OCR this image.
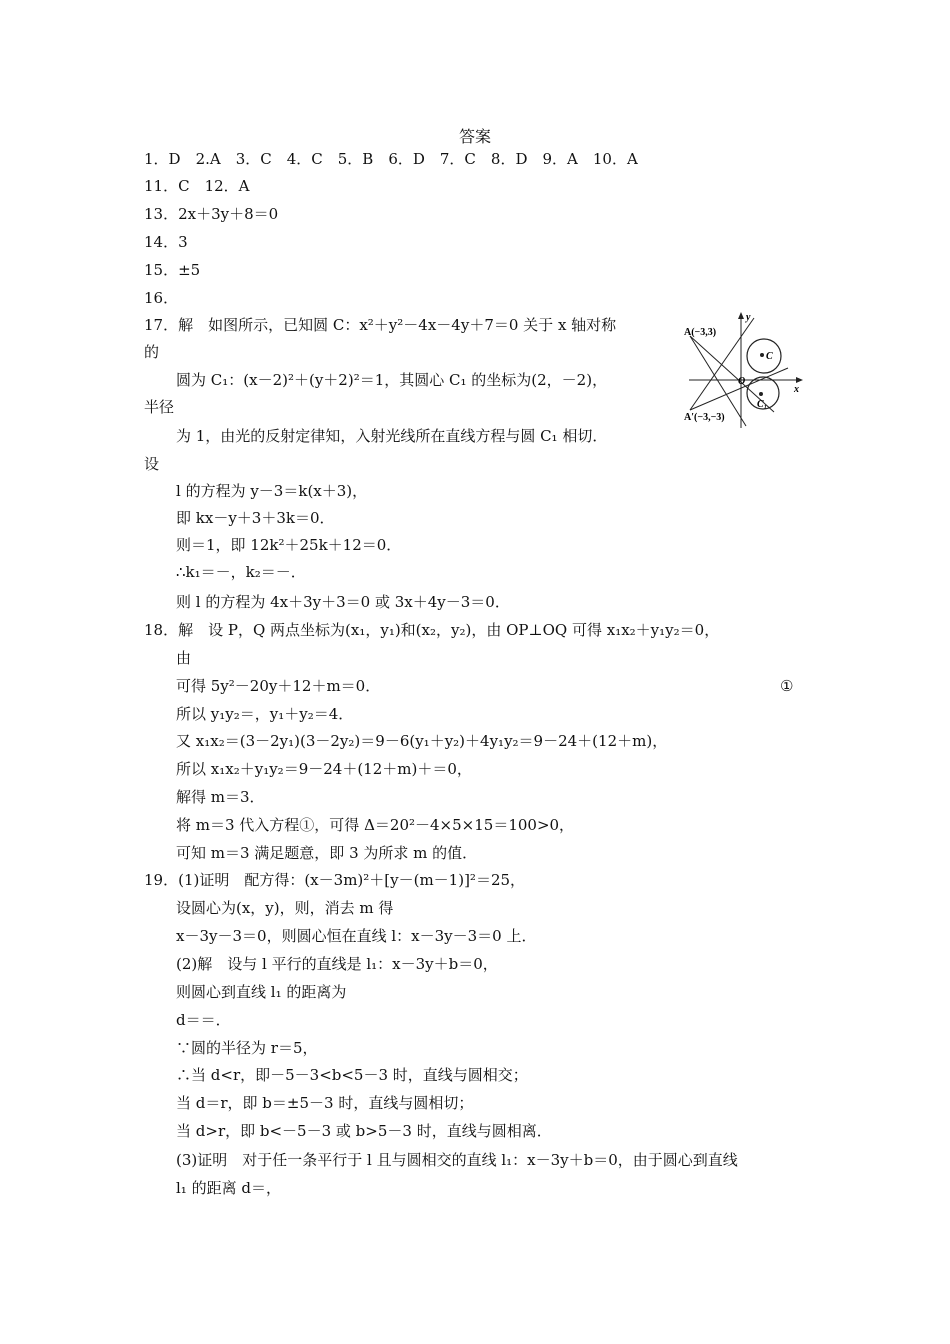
答案
1．D　2.A　3．C　4．C　5．B　6．D　7．C　8．D　9．A　10．A
11．C　12．A
13．2x＋3y＋8＝0
14．3
15．±5
16．
17．解　如图所示，已知圆 C：x²＋y²－4x－4y＋7＝0 关于 x 轴对称
的
圆为 C₁：(x－2)²＋(y＋2)²＝1，其圆心 C₁ 的坐标为(2，－2)，
半径
为 1，由光的反射定律知，入射光线所在直线方程与圆 C₁ 相切．
设
l 的方程为 y－3＝k(x＋3)，
即 kx－y＋3＋3k＝0．
则＝1，即 12k²＋25k＋12＝0．
∴k₁＝－，k₂＝－．
则 l 的方程为 4x＋3y＋3＝0 或 3x＋4y－3＝0．
18．解　设 P，Q 两点坐标为(x₁，y₁)和(x₂，y₂)，由 OP⊥OQ 可得 x₁x₂＋y₁y₂＝0，
由
可得 5y²－20y＋12＋m＝0．	①
所以 y₁y₂＝，y₁＋y₂＝4．
又 x₁x₂＝(3－2y₁)(3－2y₂)＝9－6(y₁＋y₂)＋4y₁y₂＝9－24＋(12＋m)，
所以 x₁x₂＋y₁y₂＝9－24＋(12＋m)＋＝0，
解得 m＝3．
将 m＝3 代入方程①，可得 Δ＝20²－4×5×15＝100>0，
可知 m＝3 满足题意，即 3 为所求 m 的值．
19．(1)证明　配方得：(x－3m)²＋[y－(m－1)]²＝25，
设圆心为(x，y)，则，消去 m 得
x－3y－3＝0，则圆心恒在直线 l：x－3y－3＝0 上．
(2)解　设与 l 平行的直线是 l₁：x－3y＋b＝0，
则圆心到直线 l₁ 的距离为
d＝＝．
∵圆的半径为 r＝5，
∴当 d<r，即－5－3<b<5－3 时，直线与圆相交；
当 d＝r，即 b＝±5－3 时，直线与圆相切；
当 d>r，即 b<－5－3 或 b>5－3 时，直线与圆相离．
(3)证明　对于任一条平行于 l 且与圆相交的直线 l₁：x－3y＋b＝0，由于圆心到直线
l₁ 的距离 d＝，
A(−3,3)
A′(−3,−3)
y
x
O
C
C₁
